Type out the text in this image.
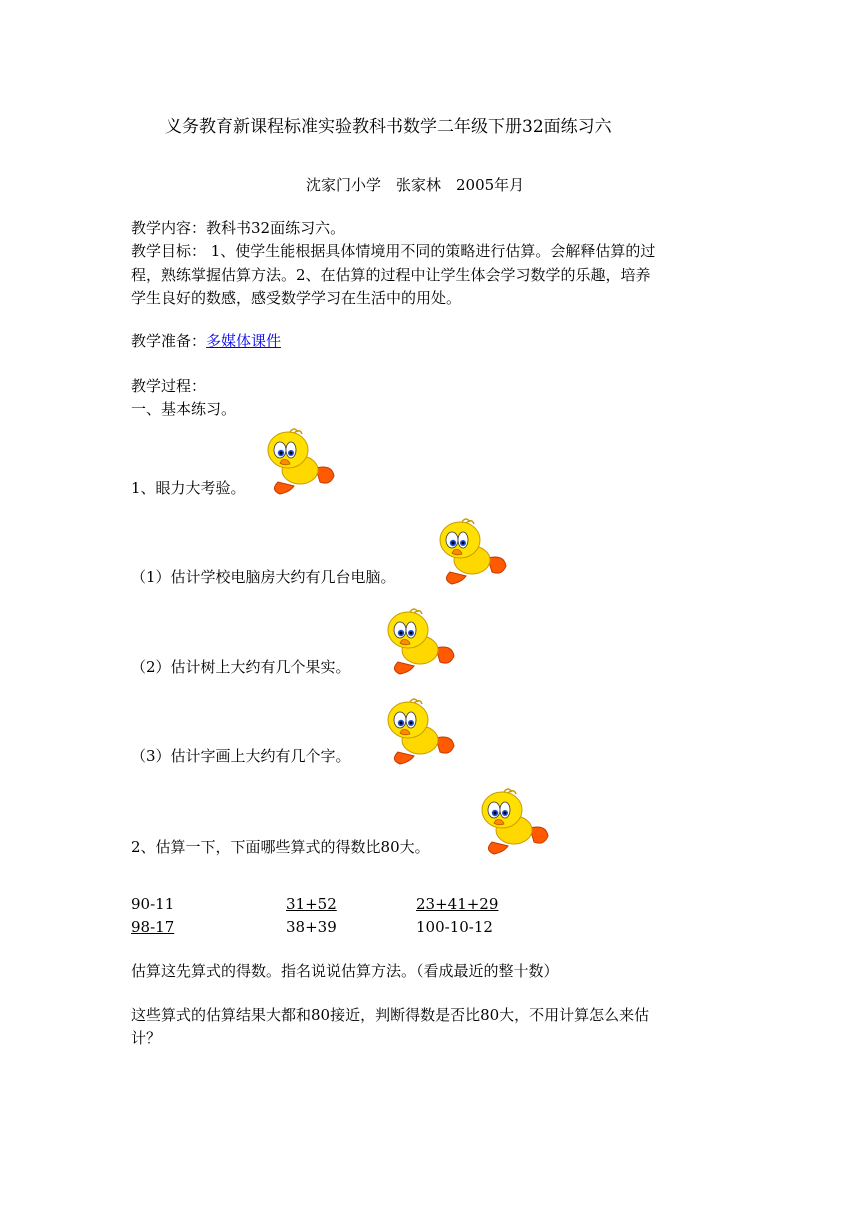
义务教育新课程标准实验教科书数学二年级下册32面练习六

沈家门小学　张家林　2005年月

教学内容：教科书32面练习六。

教学目标： 1、使学生能根据具体情境用不同的策略进行估算。会解释估算的过

程，熟练掌握估算方法。2、在估算的过程中让学生体会学习数学的乐趣，培养

学生良好的数感，感受数学学习在生活中的用处。

教学准备：多媒体课件

教学过程：

一、基本练习。

1、眼力大考验。

（1）估计学校电脑房大约有几台电脑。

（2）估计树上大约有几个果实。

（3）估计字画上大约有几个字。

2、估算一下，下面哪些算式的得数比80大。

90-11	31+52	23+41+29

98-17	38+39	100-10-12

估算这先算式的得数。指名说说估算方法。（看成最近的整十数）

这些算式的估算结果大都和80接近，判断得数是否比80大，不用计算怎么来估

计？
